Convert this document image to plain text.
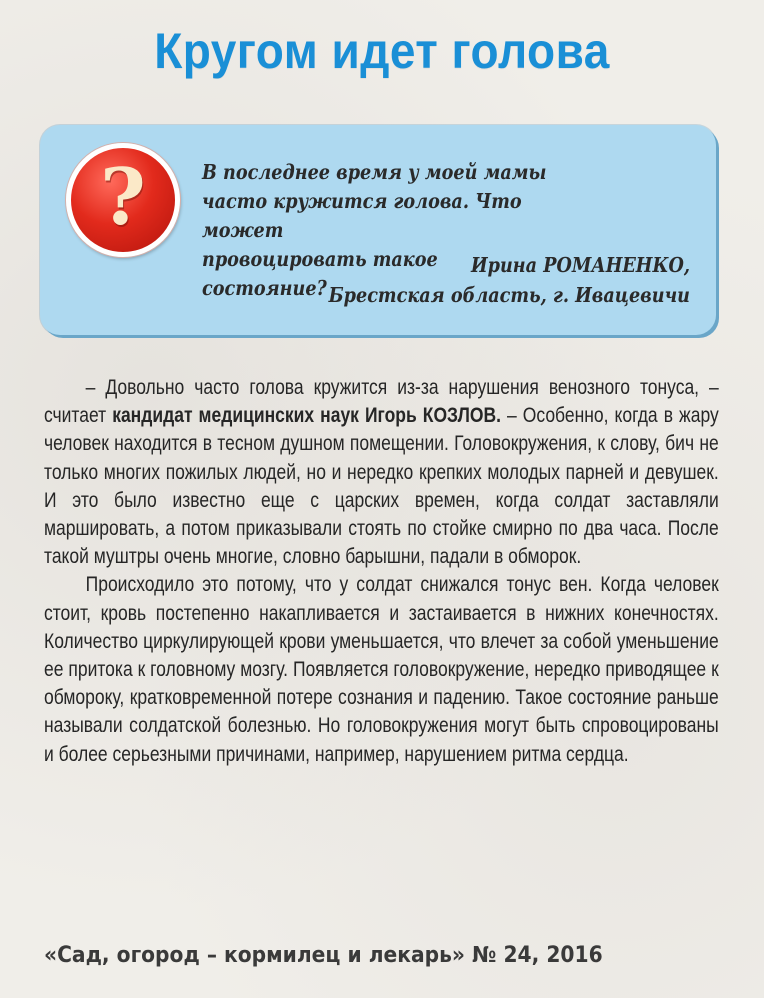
Кругом идет голова
?	В последнее время у моей мамы
часто кружится голова. Что может
провоцировать такое состояние?
Ирина РОМАНЕНКО,
Брестская область, г. Ивацевичи

– Довольно часто голова кружится из-за нарушения венозного тонуса, – считает кандидат медицинских наук Игорь КОЗЛОВ. – Особенно, когда в жару человек находится в тесном душном помещении. Головокружения, к слову, бич не только многих пожилых людей, но и нередко крепких молодых парней и девушек. И это было известно еще с царских времен, когда солдат заставляли маршировать, а потом приказывали стоять по стойке смирно по два часа. После такой муштры очень многие, словно барышни, падали в обморок.

Происходило это потому, что у солдат снижался тонус вен. Когда человек стоит, кровь постепенно накапливается и застаивается в нижних конечностях. Количество циркулирующей крови уменьшается, что влечет за собой уменьшение ее притока к головному мозгу. Появляется головокружение, нередко приводящее к обмороку, кратковременной потере сознания и падению. Такое состояние раньше называли солдатской болезнью. Но головокружения могут быть спровоцированы и более серьезными причинами, например, нарушением ритма сердца.

«Сад, огород – кормилец и лекарь» № 24, 2016
